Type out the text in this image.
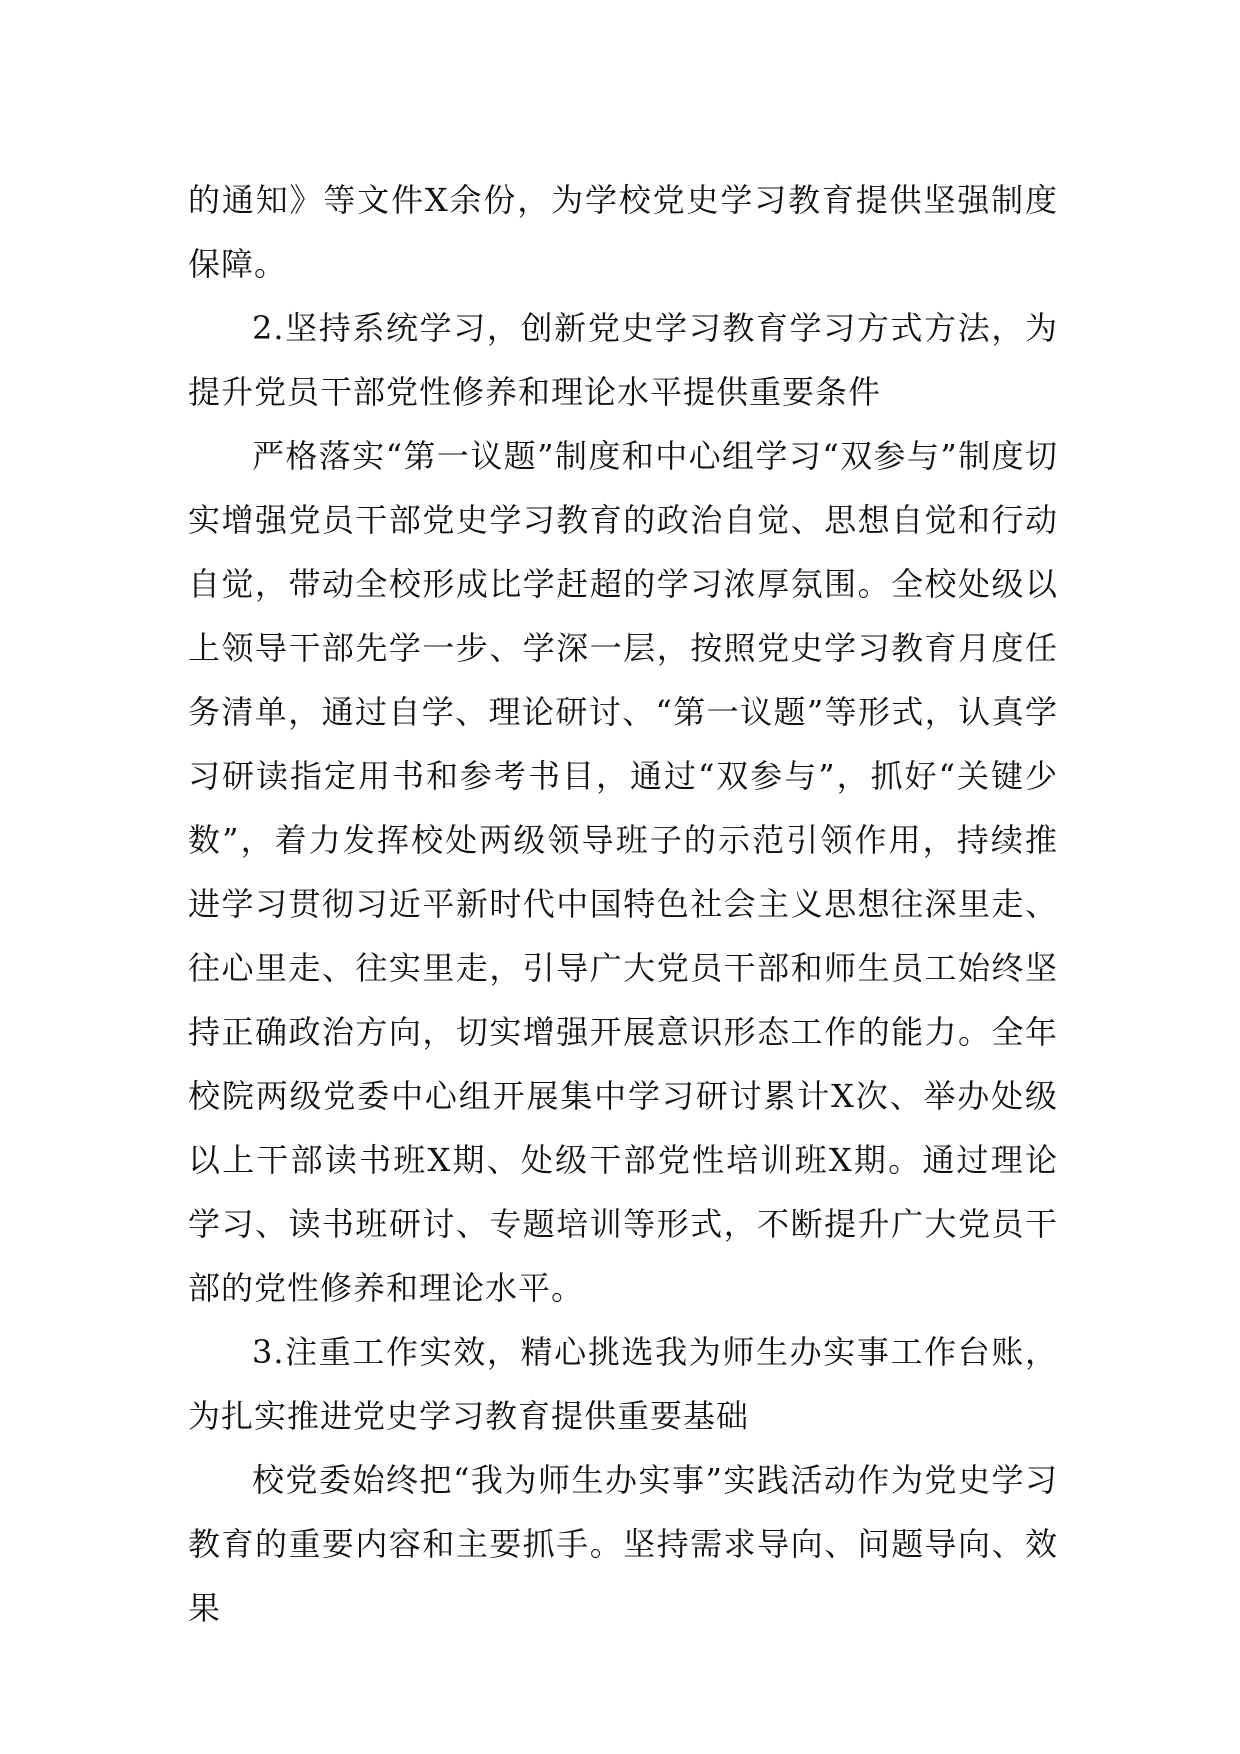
的通知》等文件X余份，为学校党史学习教育提供坚强制度保障。

2.坚持系统学习，创新党史学习教育学习方式方法，为提升党员干部党性修养和理论水平提供重要条件

严格落实“第一议题”制度和中心组学习“双参与”制度切实增强党员干部党史学习教育的政治自觉、思想自觉和行动自觉，带动全校形成比学赶超的学习浓厚氛围。全校处级以上领导干部先学一步、学深一层，按照党史学习教育月度任务清单，通过自学、理论研讨、“第一议题”等形式，认真学习研读指定用书和参考书目，通过“双参与”，抓好“关键少数”，着力发挥校处两级领导班子的示范引领作用，持续推进学习贯彻习近平新时代中国特色社会主义思想往深里走、往心里走、往实里走，引导广大党员干部和师生员工始终坚持正确政治方向，切实增强开展意识形态工作的能力。全年校院两级党委中心组开展集中学习研讨累计X次、举办处级以上干部读书班X期、处级干部党性培训班X期。通过理论学习、读书班研讨、专题培训等形式，不断提升广大党员干部的党性修养和理论水平。

3.注重工作实效，精心挑选我为师生办实事工作台账，为扎实推进党史学习教育提供重要基础

校党委始终把“我为师生办实事”实践活动作为党史学习教育的重要内容和主要抓手。坚持需求导向、问题导向、效果
